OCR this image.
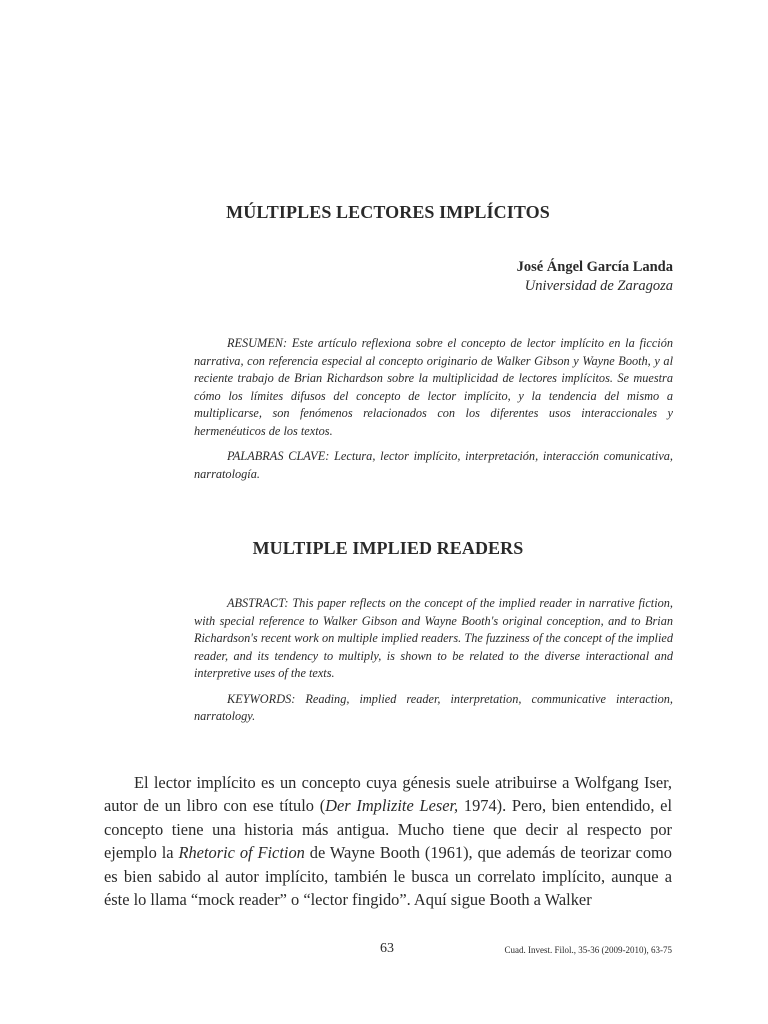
MÚLTIPLES LECTORES IMPLÍCITOS
José Ángel García Landa
Universidad de Zaragoza

RESUMEN: Este artículo reflexiona sobre el concepto de lector implícito en la ficción narrativa, con referencia especial al concepto originario de Walker Gibson y Wayne Booth, y al reciente trabajo de Brian Richardson sobre la multiplicidad de lectores implícitos. Se muestra cómo los límites difusos del concepto de lector implícito, y la tendencia del mismo a multiplicarse, son fenómenos relacionados con los diferentes usos interaccionales y hermenéuticos de los textos.

PALABRAS CLAVE: Lectura, lector implícito, interpretación, interacción comunicativa, narratología.

MULTIPLE IMPLIED READERS

ABSTRACT: This paper reflects on the concept of the implied reader in narrative fiction, with special reference to Walker Gibson and Wayne Booth's original conception, and to Brian Richardson's recent work on multiple implied readers. The fuzziness of the concept of the implied reader, and its tendency to multiply, is shown to be related to the diverse interactional and interpretive uses of the texts.

KEYWORDS: Reading, implied reader, interpretation, communicative interaction, narratology.

El lector implícito es un concepto cuya génesis suele atribuirse a Wolfgang Iser, autor de un libro con ese título (Der Implizite Leser, 1974). Pero, bien entendido, el concepto tiene una historia más antigua. Mucho tiene que decir al respecto por ejemplo la Rhetoric of Fiction de Wayne Booth (1961), que además de teorizar como es bien sabido al autor implícito, también le busca un correlato implícito, aunque a éste lo llama “mock reader” o “lector fingido”. Aquí sigue Booth a Walker

63	Cuad. Invest. Filol., 35-36 (2009-2010), 63-75
